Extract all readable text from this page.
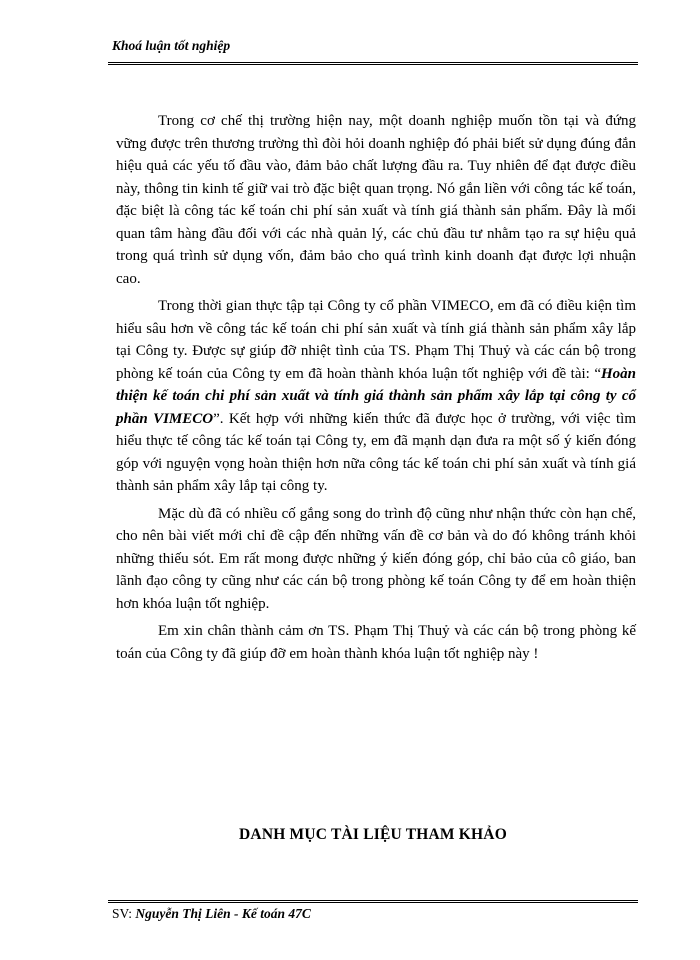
Khoá luận tốt nghiệp

Trong cơ chế thị trường hiện nay, một doanh nghiệp muốn tồn tại và đứng vững được trên thương trường thì đòi hỏi doanh nghiệp đó phải biết sử dụng đúng đắn hiệu quả các yếu tố đầu vào, đảm bảo chất lượng đầu ra. Tuy nhiên để đạt được điều này, thông tin kinh tế giữ vai trò đặc biệt quan trọng. Nó gắn liền với công tác kế toán, đặc biệt là công tác kế toán chi phí sản xuất và tính giá thành sản phẩm. Đây là mối quan tâm hàng đầu đối với các nhà quản lý, các chủ đầu tư nhằm tạo ra sự hiệu quả trong quá trình sử dụng vốn, đảm bảo cho quá trình kinh doanh đạt được lợi nhuận cao.

Trong thời gian thực tập tại Công ty cổ phần VIMECO, em đã có điều kiện tìm hiểu sâu hơn về công tác kế toán chi phí sản xuất và tính giá thành sản phẩm xây lắp tại Công ty. Được sự giúp đỡ nhiệt tình của TS. Phạm Thị Thuỷ và các cán bộ trong phòng kế toán của Công ty em đã hoàn thành khóa luận tốt nghiệp với đề tài: “Hoàn thiện kế toán chi phí sản xuất và tính giá thành sản phẩm xây lắp tại công ty cổ phần VIMECO”. Kết hợp với những kiến thức đã được học ở trường, với việc tìm hiểu thực tế công tác kế toán tại Công ty, em đã mạnh dạn đưa ra một số ý kiến đóng góp với nguyện vọng hoàn thiện hơn nữa công tác kế toán chi phí sản xuất và tính giá thành sản phẩm xây lắp tại công ty.

Mặc dù đã có nhiều cố gắng song do trình độ cũng như nhận thức còn hạn chế, cho nên bài viết mới chỉ đề cập đến những vấn đề cơ bản và do đó không tránh khỏi những thiếu sót. Em rất mong được những ý kiến đóng góp, chỉ bảo của cô giáo, ban lãnh đạo công ty cũng như các cán bộ trong phòng kế toán Công ty để em hoàn thiện hơn khóa luận tốt nghiệp.

Em xin chân thành cảm ơn TS. Phạm Thị Thuỷ và các cán bộ trong phòng kế toán của Công ty đã giúp đỡ em hoàn thành khóa luận tốt nghiệp này !

DANH MỤC TÀI LIỆU THAM KHẢO
SV: Nguyễn Thị Liên - Kế toán 47C
